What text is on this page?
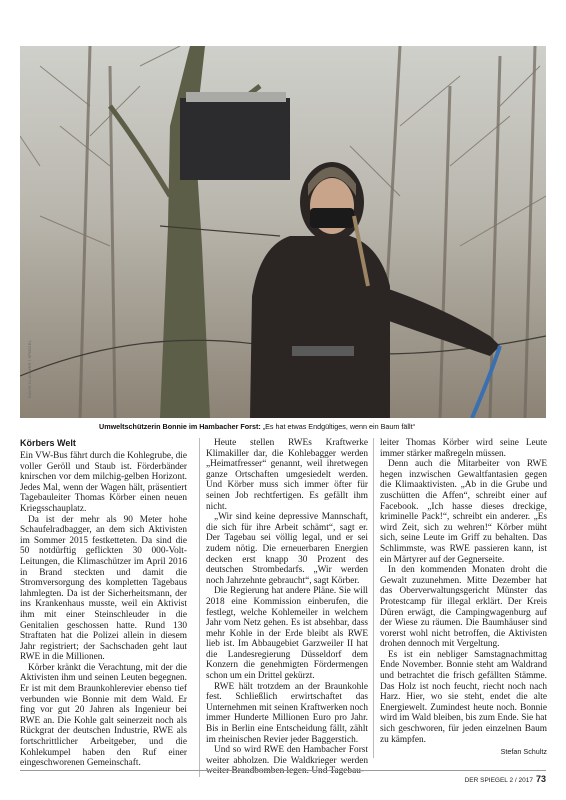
DAVID KLAMMER / SPIEGEL
Umweltschützerin Bonnie im Hambacher Forst: „Es hat etwas Endgültiges, wenn ein Baum fällt“
Körbers Welt

Ein VW-Bus fährt durch die Kohlegrube, die voller Geröll und Staub ist. Förderbänder knirschen vor dem milchig-gelben Horizont. Jedes Mal, wenn der Wagen hält, präsentiert Tagebauleiter Thomas Körber einen neuen Kriegsschauplatz.

Da ist der mehr als 90 Meter hohe Schaufelradbagger, an dem sich Aktivisten im Sommer 2015 festketteten. Da sind die 50 notdürftig geflickten 30 000-Volt-Leitungen, die Klimaschützer im April 2016 in Brand steckten und damit die Stromversorgung des kompletten Tagebaus lahmlegten. Da ist der Sicherheitsmann, der ins Krankenhaus musste, weil ein Aktivist ihm mit einer Steinschleuder in die Genitalien geschossen hatte. Rund 130 Straftaten hat die Polizei allein in diesem Jahr registriert; der Sachschaden geht laut RWE in die Millionen.

Körber kränkt die Verachtung, mit der die Aktivisten ihm und seinen Leuten begegnen. Er ist mit dem Braunkohlerevier ebenso tief verbunden wie Bonnie mit dem Wald. Er fing vor gut 20 Jahren als Ingenieur bei RWE an. Die Kohle galt seinerzeit noch als Rückgrat der deutschen Industrie, RWE als fortschrittlicher Arbeitgeber, und die Kohlekumpel haben den Ruf einer eingeschworenen Gemeinschaft.

Heute stellen RWEs Kraftwerke Klimakiller dar, die Kohlebagger werden „Heimatfresser“ genannt, weil ihretwegen ganze Ortschaften umgesiedelt werden. Und Körber muss sich immer öfter für seinen Job rechtfertigen. Es gefällt ihm nicht.

„Wir sind keine depressive Mannschaft, die sich für ihre Arbeit schämt“, sagt er. Der Tagebau sei völlig legal, und er sei zudem nötig. Die erneuerbaren Energien decken erst knapp 30 Prozent des deutschen Strombedarfs. „Wir werden noch Jahrzehnte gebraucht“, sagt Körber.

Die Regierung hat andere Pläne. Sie will 2018 eine Kommission einberufen, die festlegt, welche Kohlemeiler in welchem Jahr vom Netz gehen. Es ist absehbar, dass mehr Kohle in der Erde bleibt als RWE lieb ist. Im Abbaugebiet Garzweiler II hat die Landesregierung Düsseldorf dem Konzern die genehmigten Fördermengen schon um ein Drittel gekürzt.

RWE hält trotzdem an der Braunkohle fest. Schließlich erwirtschaftet das Unternehmen mit seinen Kraftwerken noch immer Hunderte Millionen Euro pro Jahr. Bis in Berlin eine Entscheidung fällt, zählt im rheinischen Revier jeder Baggerstich.

Und so wird RWE den Hambacher Forst weiter abholzen. Die Waldkrieger werden weiter Brandbomben legen. Und Tagebau-

leiter Thomas Körber wird seine Leute immer stärker maßregeln müssen.

Denn auch die Mitarbeiter von RWE hegen inzwischen Gewaltfantasien gegen die Klimaaktivisten. „Ab in die Grube und zuschütten die Affen“, schreibt einer auf Facebook. „Ich hasse dieses dreckige, kriminelle Pack!“, schreibt ein anderer. „Es wird Zeit, sich zu wehren!“ Körber müht sich, seine Leute im Griff zu behalten. Das Schlimmste, was RWE passieren kann, ist ein Märtyrer auf der Gegnerseite.

In den kommenden Monaten droht die Gewalt zuzunehmen. Mitte Dezember hat das Oberverwaltungsgericht Münster das Protestcamp für illegal erklärt. Der Kreis Düren erwägt, die Campingwagenburg auf der Wiese zu räumen. Die Baumhäuser sind vorerst wohl nicht betroffen, die Aktivisten drohen dennoch mit Vergeltung.

Es ist ein nebliger Samstagnachmittag Ende November. Bonnie steht am Waldrand und betrachtet die frisch gefällten Stämme. Das Holz ist noch feucht, riecht noch nach Harz. Hier, wo sie steht, endet die alte Energiewelt. Zumindest heute noch. Bonnie wird im Wald bleiben, bis zum Ende. Sie hat sich geschworen, für jeden einzelnen Baum zu kämpfen.

Stefan Schultz
DER SPIEGEL 2 / 2017 73
